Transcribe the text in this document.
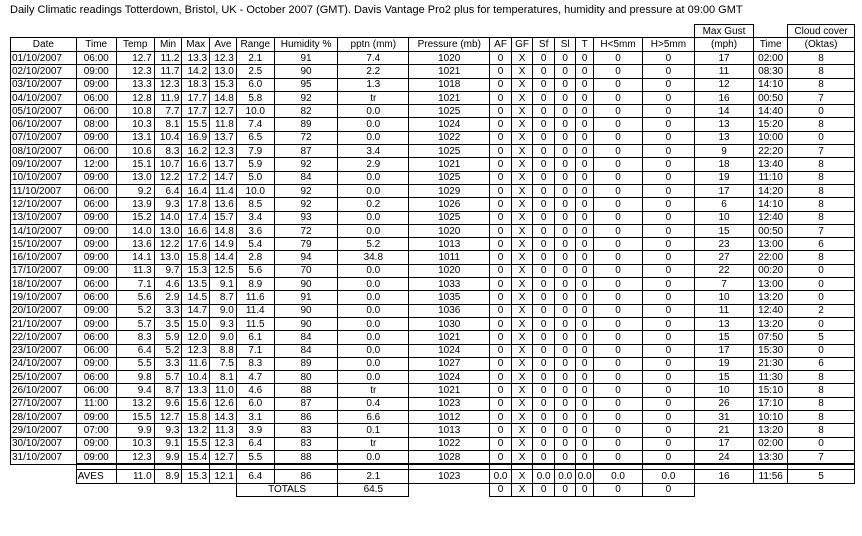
Daily Climatic readings Totterdown, Bristol, UK - October 2007 (GMT). Davis Vantage Pro2 plus for temperatures, humidity and pressure at 09:00 GMT
																	Max Gust		Cloud cover
Date	Time	Temp	Min	Max	Ave	Range	Humidity %	pptn (mm)	Pressure (mb)	AF	GF	Sf	Sl	T	H<5mm	H>5mm	(mph)	Time	(Oktas)
01/10/2007	06:00	12.7	11.2	13.3	12.3	2.1	91	7.4	1020	0	X	0	0	0	0	0	17	02:00	8
02/10/2007	09:00	12.3	11.7	14.2	13.0	2.5	90	2.2	1021	0	X	0	0	0	0	0	11	08:30	8
03/10/2007	09:00	13.3	12.3	18.3	15.3	6.0	95	1.3	1018	0	X	0	0	0	0	0	12	14:10	8
04/10/2007	06:00	12.8	11.9	17.7	14.8	5.8	92	tr	1021	0	X	0	0	0	0	0	16	00:50	7
05/10/2007	06:00	10.8	7.7	17.7	12.7	10.0	82	0.0	1025	0	X	0	0	0	0	0	14	14:40	0
06/10/2007	08:00	10.3	8.1	15.5	11.8	7.4	89	0.0	1024	0	X	0	0	0	0	0	13	15:20	8
07/10/2007	09:00	13.1	10.4	16.9	13.7	6.5	72	0.0	1022	0	X	0	0	0	0	0	13	10:00	0
08/10/2007	06:00	10.6	8.3	16.2	12.3	7.9	87	3.4	1025	0	X	0	0	0	0	0	9	22:20	7
09/10/2007	12:00	15.1	10.7	16.6	13.7	5.9	92	2.9	1021	0	X	0	0	0	0	0	18	13:40	8
10/10/2007	09:00	13.0	12.2	17.2	14.7	5.0	84	0.0	1025	0	X	0	0	0	0	0	19	11:10	8
11/10/2007	06:00	9.2	6.4	16.4	11.4	10.0	92	0.0	1029	0	X	0	0	0	0	0	17	14:20	8
12/10/2007	06:00	13.9	9.3	17.8	13.6	8.5	92	0.2	1026	0	X	0	0	0	0	0	6	14:10	8
13/10/2007	09:00	15.2	14.0	17.4	15.7	3.4	93	0.0	1025	0	X	0	0	0	0	0	10	12:40	8
14/10/2007	09:00	14.0	13.0	16.6	14.8	3.6	72	0.0	1020	0	X	0	0	0	0	0	15	00:50	7
15/10/2007	09:00	13.6	12.2	17.6	14.9	5.4	79	5.2	1013	0	X	0	0	0	0	0	23	13:00	6
16/10/2007	09:00	14.1	13.0	15.8	14.4	2.8	94	34.8	1011	0	X	0	0	0	0	0	27	22:00	8
17/10/2007	09:00	11.3	9.7	15.3	12.5	5.6	70	0.0	1020	0	X	0	0	0	0	0	22	00:20	0
18/10/2007	06:00	7.1	4.6	13.5	9.1	8.9	90	0.0	1033	0	X	0	0	0	0	0	7	13:00	0
19/10/2007	06:00	5.6	2.9	14.5	8.7	11.6	91	0.0	1035	0	X	0	0	0	0	0	10	13:20	0
20/10/2007	09:00	5.2	3.3	14.7	9.0	11.4	90	0.0	1036	0	X	0	0	0	0	0	11	12:40	2
21/10/2007	09:00	5.7	3.5	15.0	9.3	11.5	90	0.0	1030	0	X	0	0	0	0	0	13	13:20	0
22/10/2007	06:00	8.3	5.9	12.0	9.0	6.1	84	0.0	1021	0	X	0	0	0	0	0	15	07:50	5
23/10/2007	06:00	6.4	5.2	12.3	8.8	7.1	84	0.0	1024	0	X	0	0	0	0	0	17	15:30	0
24/10/2007	09:00	5.5	3.3	11.6	7.5	8.3	89	0.0	1027	0	X	0	0	0	0	0	19	21:30	6
25/10/2007	06:00	9.8	5.7	10.4	8.1	4.7	80	0.0	1024	0	X	0	0	0	0	0	15	11:30	8
26/10/2007	06:00	9.4	8.7	13.3	11.0	4.6	88	tr	1021	0	X	0	0	0	0	0	10	15:10	8
27/10/2007	11:00	13.2	9.6	15.6	12.6	6.0	87	0.4	1023	0	X	0	0	0	0	0	26	17:10	8
28/10/2007	09:00	15.5	12.7	15.8	14.3	3.1	86	6.6	1012	0	X	0	0	0	0	0	31	10:10	8
29/10/2007	07:00	9.9	9.3	13.2	11.3	3.9	83	0.1	1013	0	X	0	0	0	0	0	21	13:20	8
30/10/2007	09:00	10.3	9.1	15.5	12.3	6.4	83	tr	1022	0	X	0	0	0	0	0	17	02:00	0
31/10/2007	09:00	12.3	9.9	15.4	12.7	5.5	88	0.0	1028	0	X	0	0	0	0	0	24	13:30	7

	AVES	11.0	8.9	15.3	12.1	6.4	86	2.1	1023	0.0	X	0.0	0.0	0.0	0.0	0.0	16	11:56	5
						TOTALS		64.5		0	X	0	0	0	0	0			
